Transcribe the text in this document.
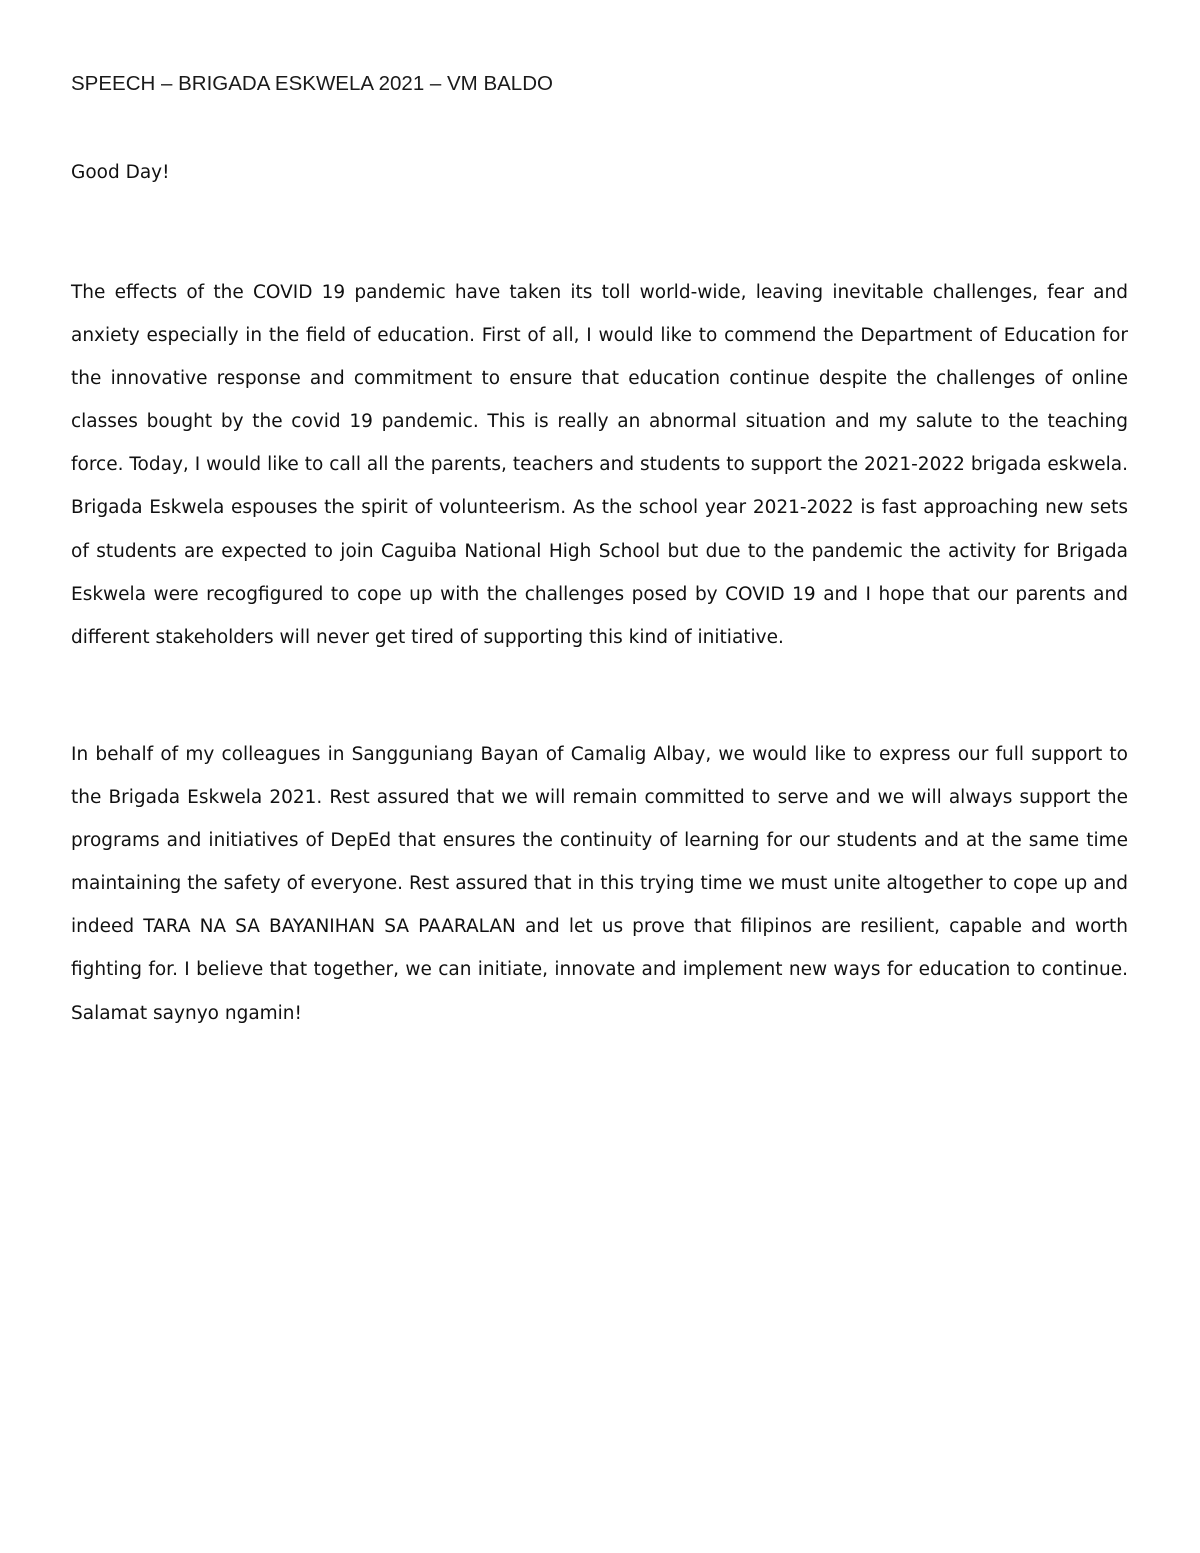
SPEECH – BRIGADA ESKWELA 2021 – VM BALDO

Good Day!

The effects of the COVID 19 pandemic have taken its toll world-wide, leaving inevitable challenges, fear and anxiety especially in the field of education. First of all, I would like to commend the Department of Education for the innovative response and commitment to ensure that education continue despite the challenges of online classes bought by the covid 19 pandemic. This is really an abnormal situation and my salute to the teaching force. Today, I would like to call all the parents, teachers and students to support the 2021-2022 brigada eskwela. Brigada Eskwela espouses the spirit of volunteerism. As the school year 2021-2022 is fast approaching new sets of students are expected to join Caguiba National High School but due to the pandemic the activity for Brigada Eskwela were recogfigured to cope up with the challenges posed by COVID 19 and I hope that our parents and different stakeholders will never get tired of supporting this kind of initiative.

In behalf of my colleagues in Sangguniang Bayan of Camalig Albay, we would like to express our full support to the Brigada Eskwela 2021. Rest assured that we will remain committed to serve and we will always support the programs and initiatives of DepEd that ensures the continuity of learning for our students and at the same time maintaining the safety of everyone. Rest assured that in this trying time we must unite altogether to cope up and indeed TARA NA SA BAYANIHAN SA PAARALAN and let us prove that filipinos are resilient, capable and worth fighting for. I believe that together, we can initiate, innovate and implement new ways for education to continue. Salamat saynyo ngamin!
